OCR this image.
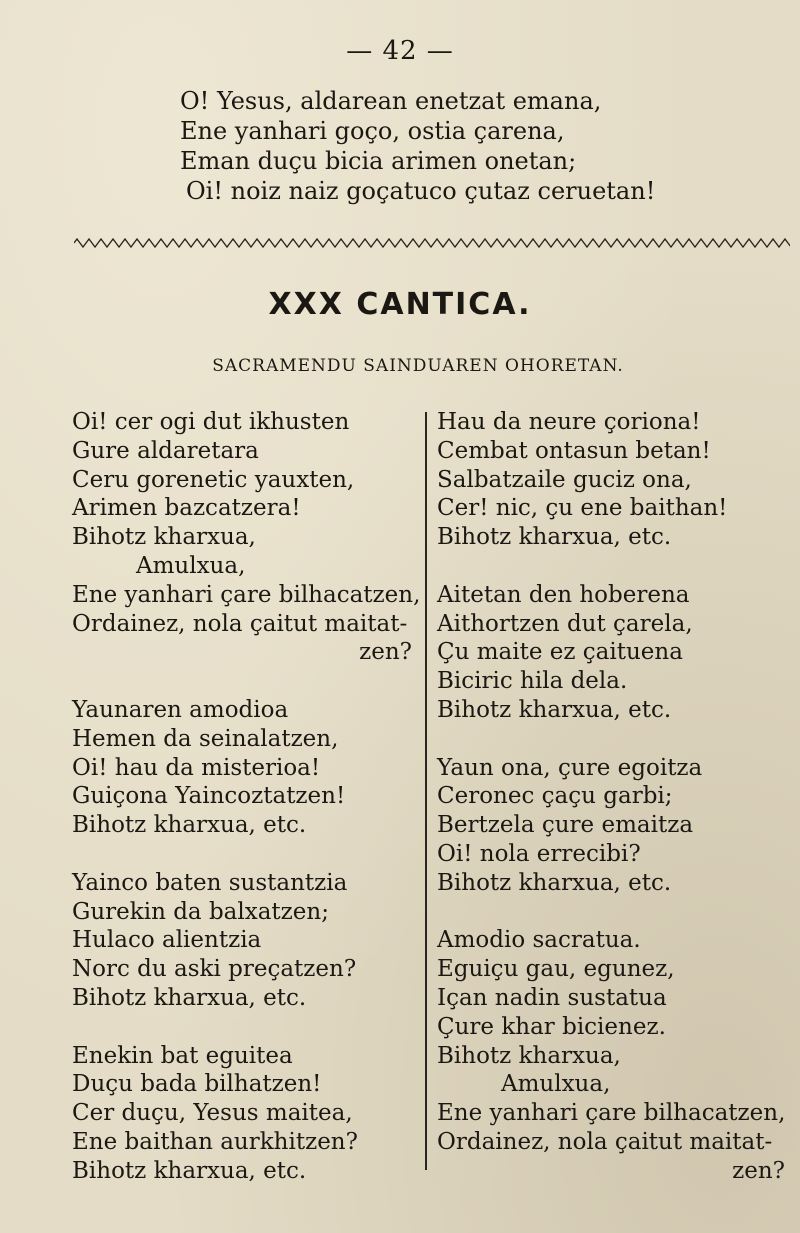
— 42 —
O! Yesus, aldarean enetzat emana,
Ene yanhari goço, ostia çarena,
Eman duçu bicia arimen onetan;
Oi! noiz naiz goçatuco çutaz ceruetan!
XXX CANTICA.
SACRAMENDU SAINDUAREN OHORETAN.
Oi! cer ogi dut ikhusten
Gure aldaretara
Ceru gorenetic yauxten,
Arimen bazcatzera!
Bihotz kharxua,
Amulxua,
Ene yanhari çare bilhacatzen,
Ordainez, nola çaitut maitat-
zen?
Yaunaren amodioa
Hemen da seinalatzen,
Oi! hau da misterioa!
Guiçona Yaincoztatzen!
Bihotz kharxua, etc.
Yainco baten sustantzia
Gurekin da balxatzen;
Hulaco alientzia
Norc du aski preçatzen?
Bihotz kharxua, etc.
Enekin bat eguitea
Duçu bada bilhatzen!
Cer duçu, Yesus maitea,
Ene baithan aurkhitzen?
Bihotz kharxua, etc.
Hau da neure çoriona!
Cembat ontasun betan!
Salbatzaile guciz ona,
Cer! nic, çu ene baithan!
Bihotz kharxua, etc.
Aitetan den hoberena
Aithortzen dut çarela,
Çu maite ez çaituena
Biciric hila dela.
Bihotz kharxua, etc.
Yaun ona, çure egoitza
Ceronec çaçu garbi;
Bertzela çure emaitza
Oi! nola errecibi?
Bihotz kharxua, etc.
Amodio sacratua.
Eguiçu gau, egunez,
Içan nadin sustatua
Çure khar bicienez.
Bihotz kharxua,
Amulxua,
Ene yanhari çare bilhacatzen,
Ordainez, nola çaitut maitat-
zen?
